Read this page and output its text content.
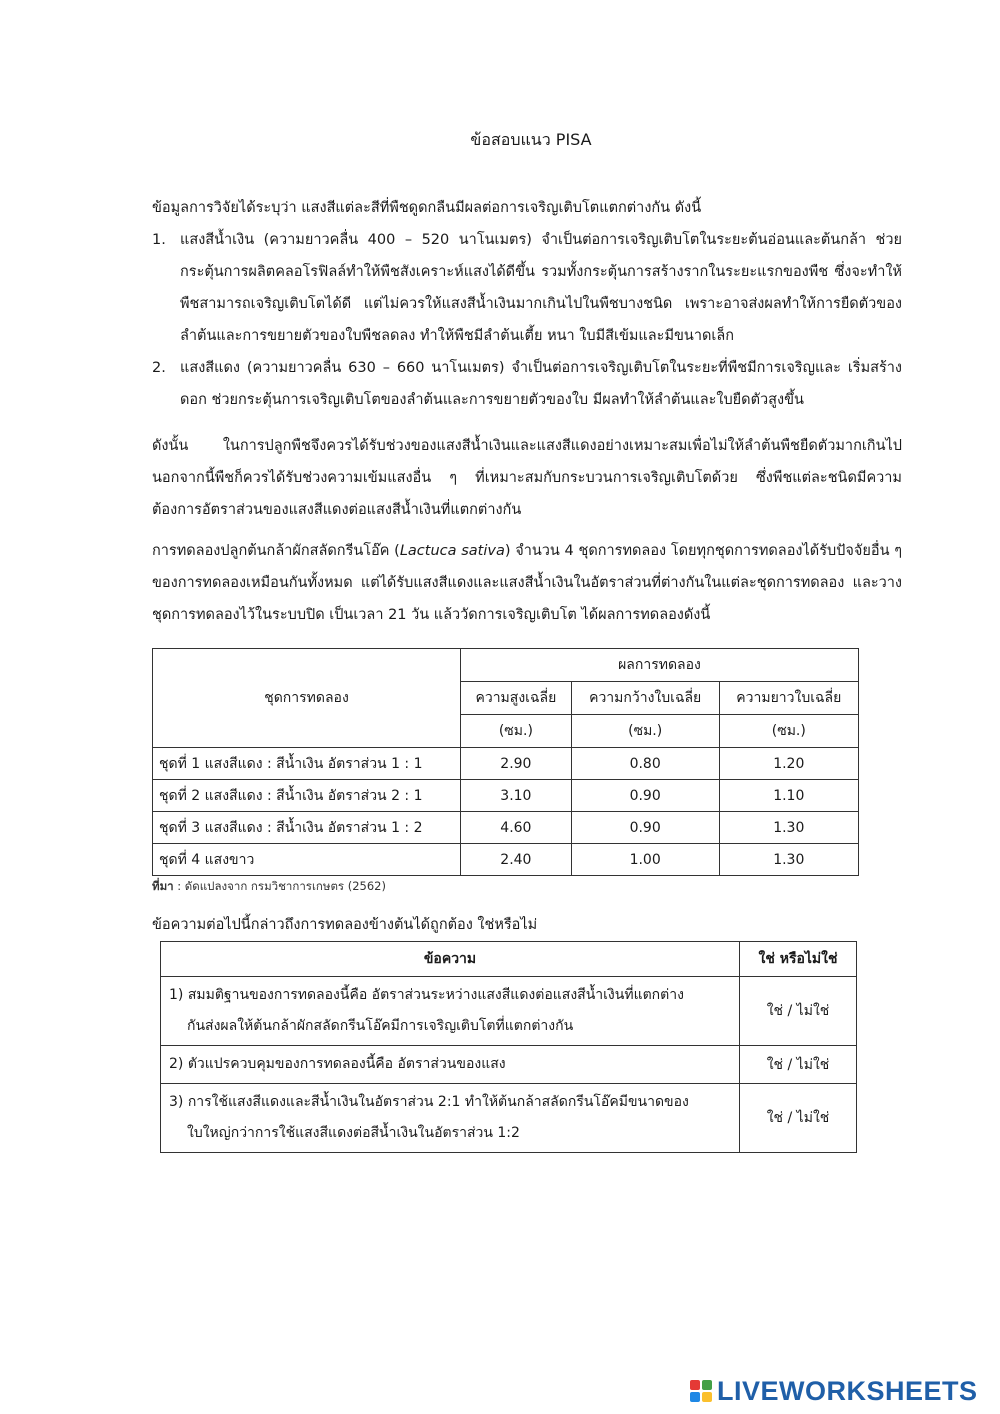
ข้อสอบแนว PISA
ข้อมูลการวิจัยได้ระบุว่า แสงสีแต่ละสีที่พืชดูดกลืนมีผลต่อการเจริญเติบโตแตกต่างกัน ดังนี้
1. แสงสีน้ำเงิน (ความยาวคลื่น 400 – 520 นาโนเมตร) จำเป็นต่อการเจริญเติบโตในระยะต้นอ่อนและต้นกล้า ช่วยกระตุ้นการผลิตคลอโรฟิลล์ทำให้พืชสังเคราะห์แสงได้ดีขึ้น รวมทั้งกระตุ้นการสร้างรากในระยะแรกของพืช ซึ่งจะทำให้พืชสามารถเจริญเติบโตได้ดี แต่ไม่ควรให้แสงสีน้ำเงินมากเกินไปในพืชบางชนิด เพราะอาจส่งผลทำให้การยืดตัวของลำต้นและการขยายตัวของใบพืชลดลง ทำให้พืชมีลำต้นเตี้ย หนา ใบมีสีเข้มและมีขนาดเล็ก
2. แสงสีแดง (ความยาวคลื่น 630 – 660 นาโนเมตร) จำเป็นต่อการเจริญเติบโตในระยะที่พืชมีการเจริญและ เริ่มสร้างดอก ช่วยกระตุ้นการเจริญเติบโตของลำต้นและการขยายตัวของใบ มีผลทำให้ลำต้นและใบยืดตัวสูงขึ้น
ดังนั้น ในการปลูกพืชจึงควรได้รับช่วงของแสงสีน้ำเงินและแสงสีแดงอย่างเหมาะสมเพื่อไม่ให้ลำต้นพืชยืดตัวมากเกินไป นอกจากนี้พืชก็ควรได้รับช่วงความเข้มแสงอื่น ๆ ที่เหมาะสมกับกระบวนการเจริญเติบโตด้วย ซึ่งพืชแต่ละชนิดมีความต้องการอัตราส่วนของแสงสีแดงต่อแสงสีน้ำเงินที่แตกต่างกัน
การทดลองปลูกต้นกล้าผักสลัดกรีนโอ๊ค (Lactuca sativa) จำนวน 4 ชุดการทดลอง โดยทุกชุดการทดลองได้รับปัจจัยอื่น ๆ ของการทดลองเหมือนกันทั้งหมด แต่ได้รับแสงสีแดงและแสงสีน้ำเงินในอัตราส่วนที่ต่างกันในแต่ละชุดการทดลอง และวางชุดการทดลองไว้ในระบบปิด เป็นเวลา 21 วัน แล้ววัดการเจริญเติบโต ได้ผลการทดลองดังนี้
ชุดการทดลอง	ผลการทดลอง		
	ความสูงเฉลี่ย	ความกว้างใบเฉลี่ย	ความยาวใบเฉลี่ย
	(ซม.)	(ซม.)	(ซม.)
ชุดที่ 1 แสงสีแดง : สีน้ำเงิน อัตราส่วน 1 : 1	2.90	0.80	1.20
ชุดที่ 2 แสงสีแดง : สีน้ำเงิน อัตราส่วน 2 : 1	3.10	0.90	1.10
ชุดที่ 3 แสงสีแดง : สีน้ำเงิน อัตราส่วน 1 : 2	4.60	0.90	1.30
ชุดที่ 4 แสงขาว	2.40	1.00	1.30
ที่มา : ดัดแปลงจาก กรมวิชาการเกษตร (2562)
ข้อความต่อไปนี้กล่าวถึงการทดลองข้างต้นได้ถูกต้อง ใช่หรือไม่
ข้อความ	ใช่ หรือไม่ใช่

1) สมมติฐานของการทดลองนี้คือ อัตราส่วนระหว่างแสงสีแดงต่อแสงสีน้ำเงินที่แตกต่าง
กันส่งผลให้ต้นกล้าผักสลัดกรีนโอ๊คมีการเจริญเติบโตที่แตกต่างกัน	ใช่ / ไม่ใช่

2) ตัวแปรควบคุมของการทดลองนี้คือ อัตราส่วนของแสง	ใช่ / ไม่ใช่

3) การใช้แสงสีแดงและสีน้ำเงินในอัตราส่วน 2:1 ทำให้ต้นกล้าสลัดกรีนโอ๊คมีขนาดของ
ใบใหญ่กว่าการใช้แสงสีแดงต่อสีน้ำเงินในอัตราส่วน 1:2	ใช่ / ไม่ใช่
LIVEWORKSHEETS
